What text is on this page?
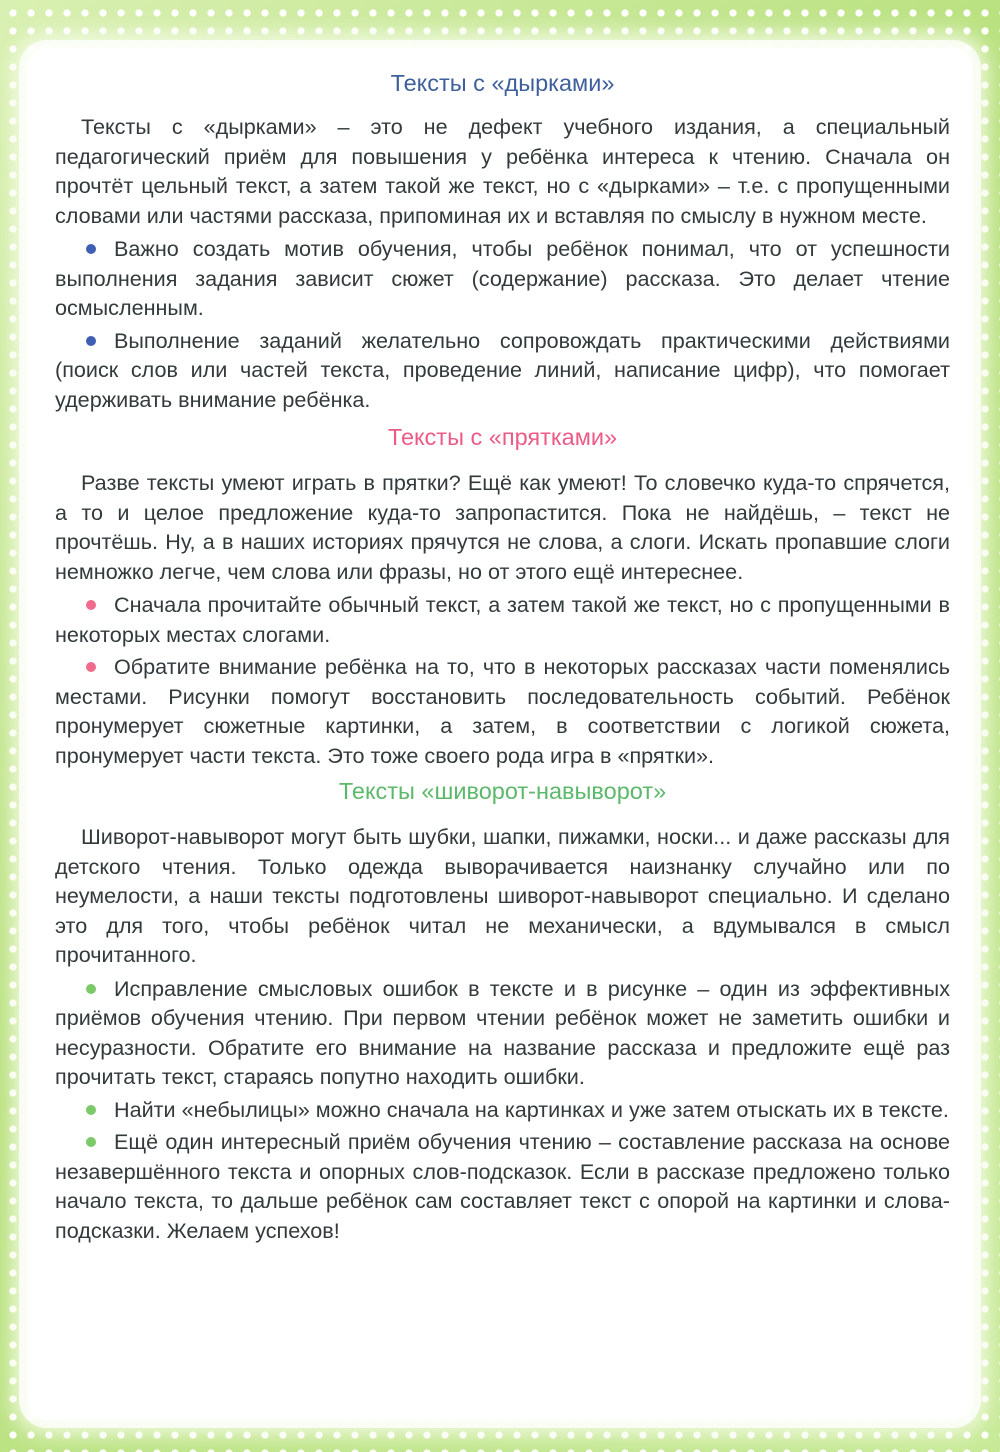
Тексты с «дырками»

Тексты с «дырками» – это не дефект учебного издания, а специальный педагогический приём для повышения у ребёнка интереса к чтению. Сначала он прочтёт цельный текст, а затем такой же текст, но с «дырками» – т.е. с пропущенными словами или частями рассказа, припоминая их и вставляя по смыслу в нужном месте.

Важно создать мотив обучения, чтобы ребёнок понимал, что от успешности выполнения задания зависит сюжет (содержание) рассказа. Это делает чтение осмысленным.

Выполнение заданий желательно сопровождать практическими действиями (поиск слов или частей текста, проведение линий, написание цифр), что помогает удерживать внимание ребёнка.

Тексты с «прятками»

Разве тексты умеют играть в прятки? Ещё как умеют! То словечко куда-то спрячется, а то и целое предложение куда-то запропастится. Пока не найдёшь, – текст не прочтёшь. Ну, а в наших историях прячутся не слова, а слоги. Искать пропавшие слоги немножко легче, чем слова или фразы, но от этого ещё интереснее.

Сначала прочитайте обычный текст, а затем такой же текст, но с пропущенными в некоторых местах слогами.

Обратите внимание ребёнка на то, что в некоторых рассказах части поменялись местами. Рисунки помогут восстановить последовательность событий. Ребёнок пронумерует сюжетные картинки, а затем, в соответствии с логикой сюжета, пронумерует части текста. Это тоже своего рода игра в «прятки».

Тексты «шиворот-навыворот»

Шиворот-навыворот могут быть шубки, шапки, пижамки, носки... и даже рассказы для детского чтения. Только одежда выворачивается наизнанку случайно или по неумелости, а наши тексты подготовлены шиворот-навыворот специально. И сделано это для того, чтобы ребёнок читал не механически, а вдумывался в смысл прочитанного.

Исправление смысловых ошибок в тексте и в рисунке – один из эффективных приёмов обучения чтению. При первом чтении ребёнок может не заметить ошибки и несуразности. Обратите его внимание на название рассказа и предложите ещё раз прочитать текст, стараясь попутно находить ошибки.

Найти «небылицы» можно сначала на картинках и уже затем отыскать их в тексте.

Ещё один интересный приём обучения чтению – составление рассказа на основе незавершённого текста и опорных слов-подсказок. Если в рассказе предложено только начало текста, то дальше ребёнок сам составляет текст с опорой на картинки и слова-подсказки. Желаем успехов!
